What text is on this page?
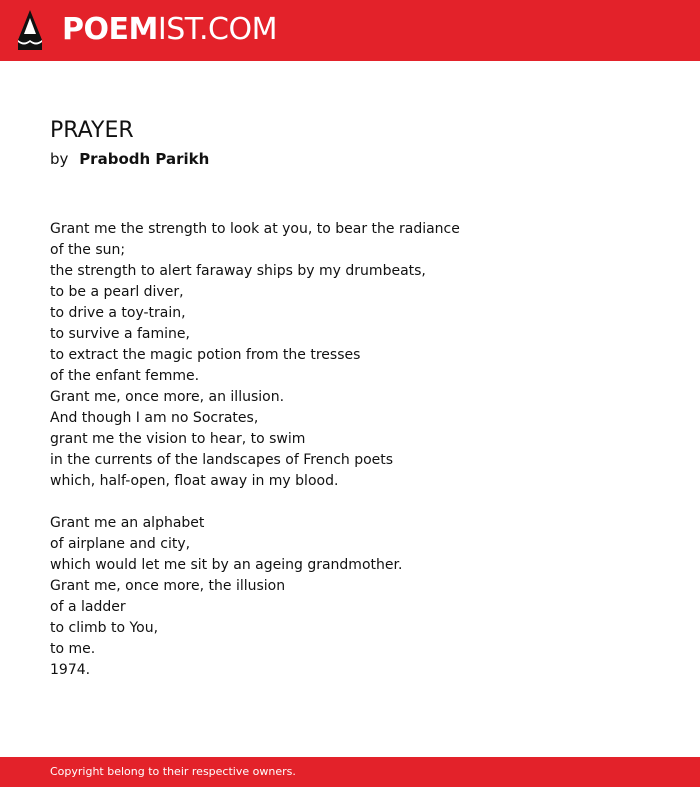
POEMIST.COM
PRAYER
by Prabodh Parikh
Grant me the strength to look at you, to bear the radiance
of the sun;
the strength to alert faraway ships by my drumbeats,
to be a pearl diver,
to drive a toy-train,
to survive a famine,
to extract the magic potion from the tresses
of the enfant femme.
Grant me, once more, an illusion.
And though I am no Socrates,
grant me the vision to hear, to swim
in the currents of the landscapes of French poets
which, half-open, float away in my blood.
Grant me an alphabet
of airplane and city,
which would let me sit by an ageing grandmother.
Grant me, once more, the illusion
of a ladder
to climb to You,
to me.
1974.
Copyright belong to their respective owners.
